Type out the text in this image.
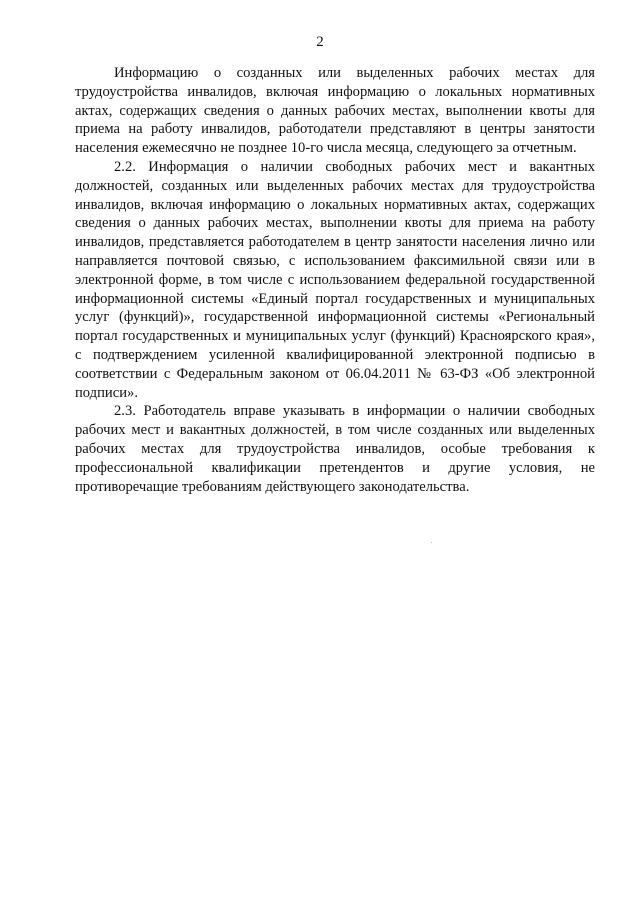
2

Информацию о созданных или выделенных рабочих местах для трудоустройства инвалидов, включая информацию о локальных нормативных актах, содержащих сведения о данных рабочих местах, выполнении квоты для приема на работу инвалидов, работодатели представляют в центры занятости населения ежемесячно не позднее 10-го числа месяца, следующего за отчетным.

2.2. Информация о наличии свободных рабочих мест и вакантных должностей, созданных или выделенных рабочих местах для трудоустройства инвалидов, включая информацию о локальных нормативных актах, содержащих сведения о данных рабочих местах, выполнении квоты для приема на работу инвалидов, представляется работодателем в центр занятости населения лично или направляется почтовой связью, с использованием факсимильной связи или в электронной форме, в том числе с использованием федеральной государственной информационной системы «Единый портал государственных и муниципальных услуг (функций)», государственной информационной системы «Региональный портал государственных и муниципальных услуг (функций) Красноярского края», с подтверждением усиленной квалифицированной электронной подписью в соответствии с Федеральным законом от 06.04.2011 № 63-ФЗ «Об электронной подписи».

2.3. Работодатель вправе указывать в информации о наличии свободных рабочих мест и вакантных должностей, в том числе созданных или выделенных рабочих местах для трудоустройства инвалидов, особые требования к профессиональной квалификации претендентов и другие условия, не противоречащие требованиям действующего законодательства.
